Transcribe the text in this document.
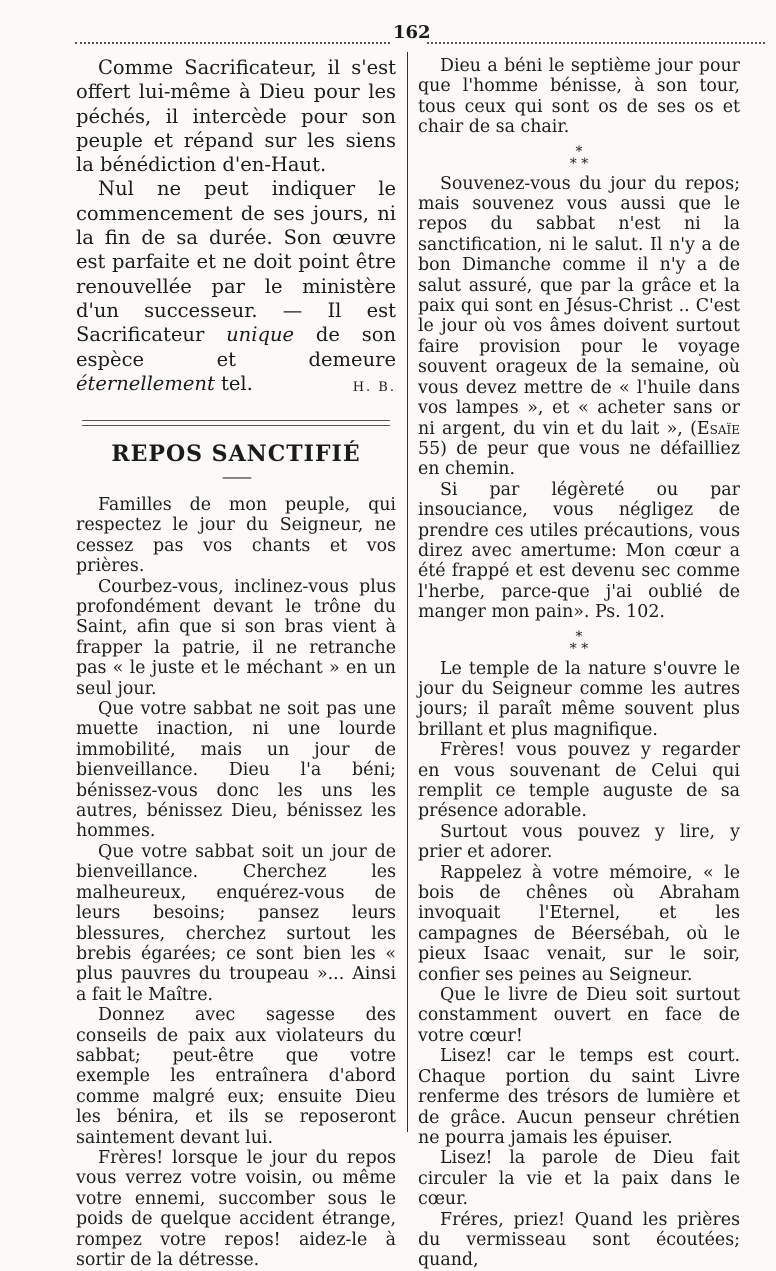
162

Comme Sacrificateur, il s'est offert lui-même à Dieu pour les péchés, il intercède pour son peuple et répand sur les siens la bénédiction d'en-Haut.

Nul ne peut indiquer le commencement de ses jours, ni la fin de sa durée. Son œuvre est parfaite et ne doit point être renouvellée par le ministère d'un successeur. — Il est Sacrificateur unique de son espèce et demeure éternellement tel.	H. B.

REPOS SANCTIFIÉ
——

Familles de mon peuple, qui respectez le jour du Seigneur, ne cessez pas vos chants et vos prières.

Courbez-vous, inclinez-vous plus profondément devant le trône du Saint, afin que si son bras vient à frapper la patrie, il ne retranche pas « le juste et le méchant » en un seul jour.

Que votre sabbat ne soit pas une muette inaction, ni une lourde immobilité, mais un jour de bienveillance. Dieu l'a béni; bénissez-vous donc les uns les autres, bénissez Dieu, bénissez les hommes.

Que votre sabbat soit un jour de bienveillance. Cherchez les malheureux, enquérez-vous de leurs besoins; pansez leurs blessures, cherchez surtout les brebis égarées; ce sont bien les « plus pauvres du troupeau »... Ainsi a fait le Maître.

Donnez avec sagesse des conseils de paix aux violateurs du sabbat; peut-être que votre exemple les entraînera d'abord comme malgré eux; ensuite Dieu les bénira, et ils se reposeront saintement devant lui.

Frères! lorsque le jour du repos vous verrez votre voisin, ou même votre ennemi, succomber sous le poids de quelque accident étrange, rompez votre repos! aidez-le à sortir de la détresse.

Dieu a béni le septième jour pour que l'homme bénisse, à son tour, tous ceux qui sont os de ses os et chair de sa chair.

*
* *

Souvenez-vous du jour du repos; mais souvenez vous aussi que le repos du sabbat n'est ni la sanctification, ni le salut. Il n'y a de bon Dimanche comme il n'y a de salut assuré, que par la grâce et la paix qui sont en Jésus-Christ .. C'est le jour où vos âmes doivent surtout faire provision pour le voyage souvent orageux de la semaine, où vous devez mettre de « l'huile dans vos lampes », et « acheter sans or ni argent, du vin et du lait », (Esaïe 55) de peur que vous ne défailliez en chemin.

Si par légèreté ou par insouciance, vous négligez de prendre ces utiles précautions, vous direz avec amertume: Mon cœur a été frappé et est devenu sec comme l'herbe, parce-que j'ai oublié de manger mon pain». Ps. 102.

*
* *

Le temple de la nature s'ouvre le jour du Seigneur comme les autres jours; il paraît même souvent plus brillant et plus magnifique.

Frères! vous pouvez y regarder en vous souvenant de Celui qui remplit ce temple auguste de sa présence adorable.

Surtout vous pouvez y lire, y prier et adorer.

Rappelez à votre mémoire, « le bois de chênes où Abraham invoquait l'Eternel, et les campagnes de Béersébah, où le pieux Isaac venait, sur le soir, confier ses peines au Seigneur.

Que le livre de Dieu soit surtout constamment ouvert en face de votre cœur!

Lisez! car le temps est court. Chaque portion du saint Livre renferme des trésors de lumière et de grâce. Aucun penseur chrétien ne pourra jamais les épuiser.

Lisez! la parole de Dieu fait circuler la vie et la paix dans le cœur.

Fréres, priez! Quand les prières du vermisseau sont écoutées; quand,
